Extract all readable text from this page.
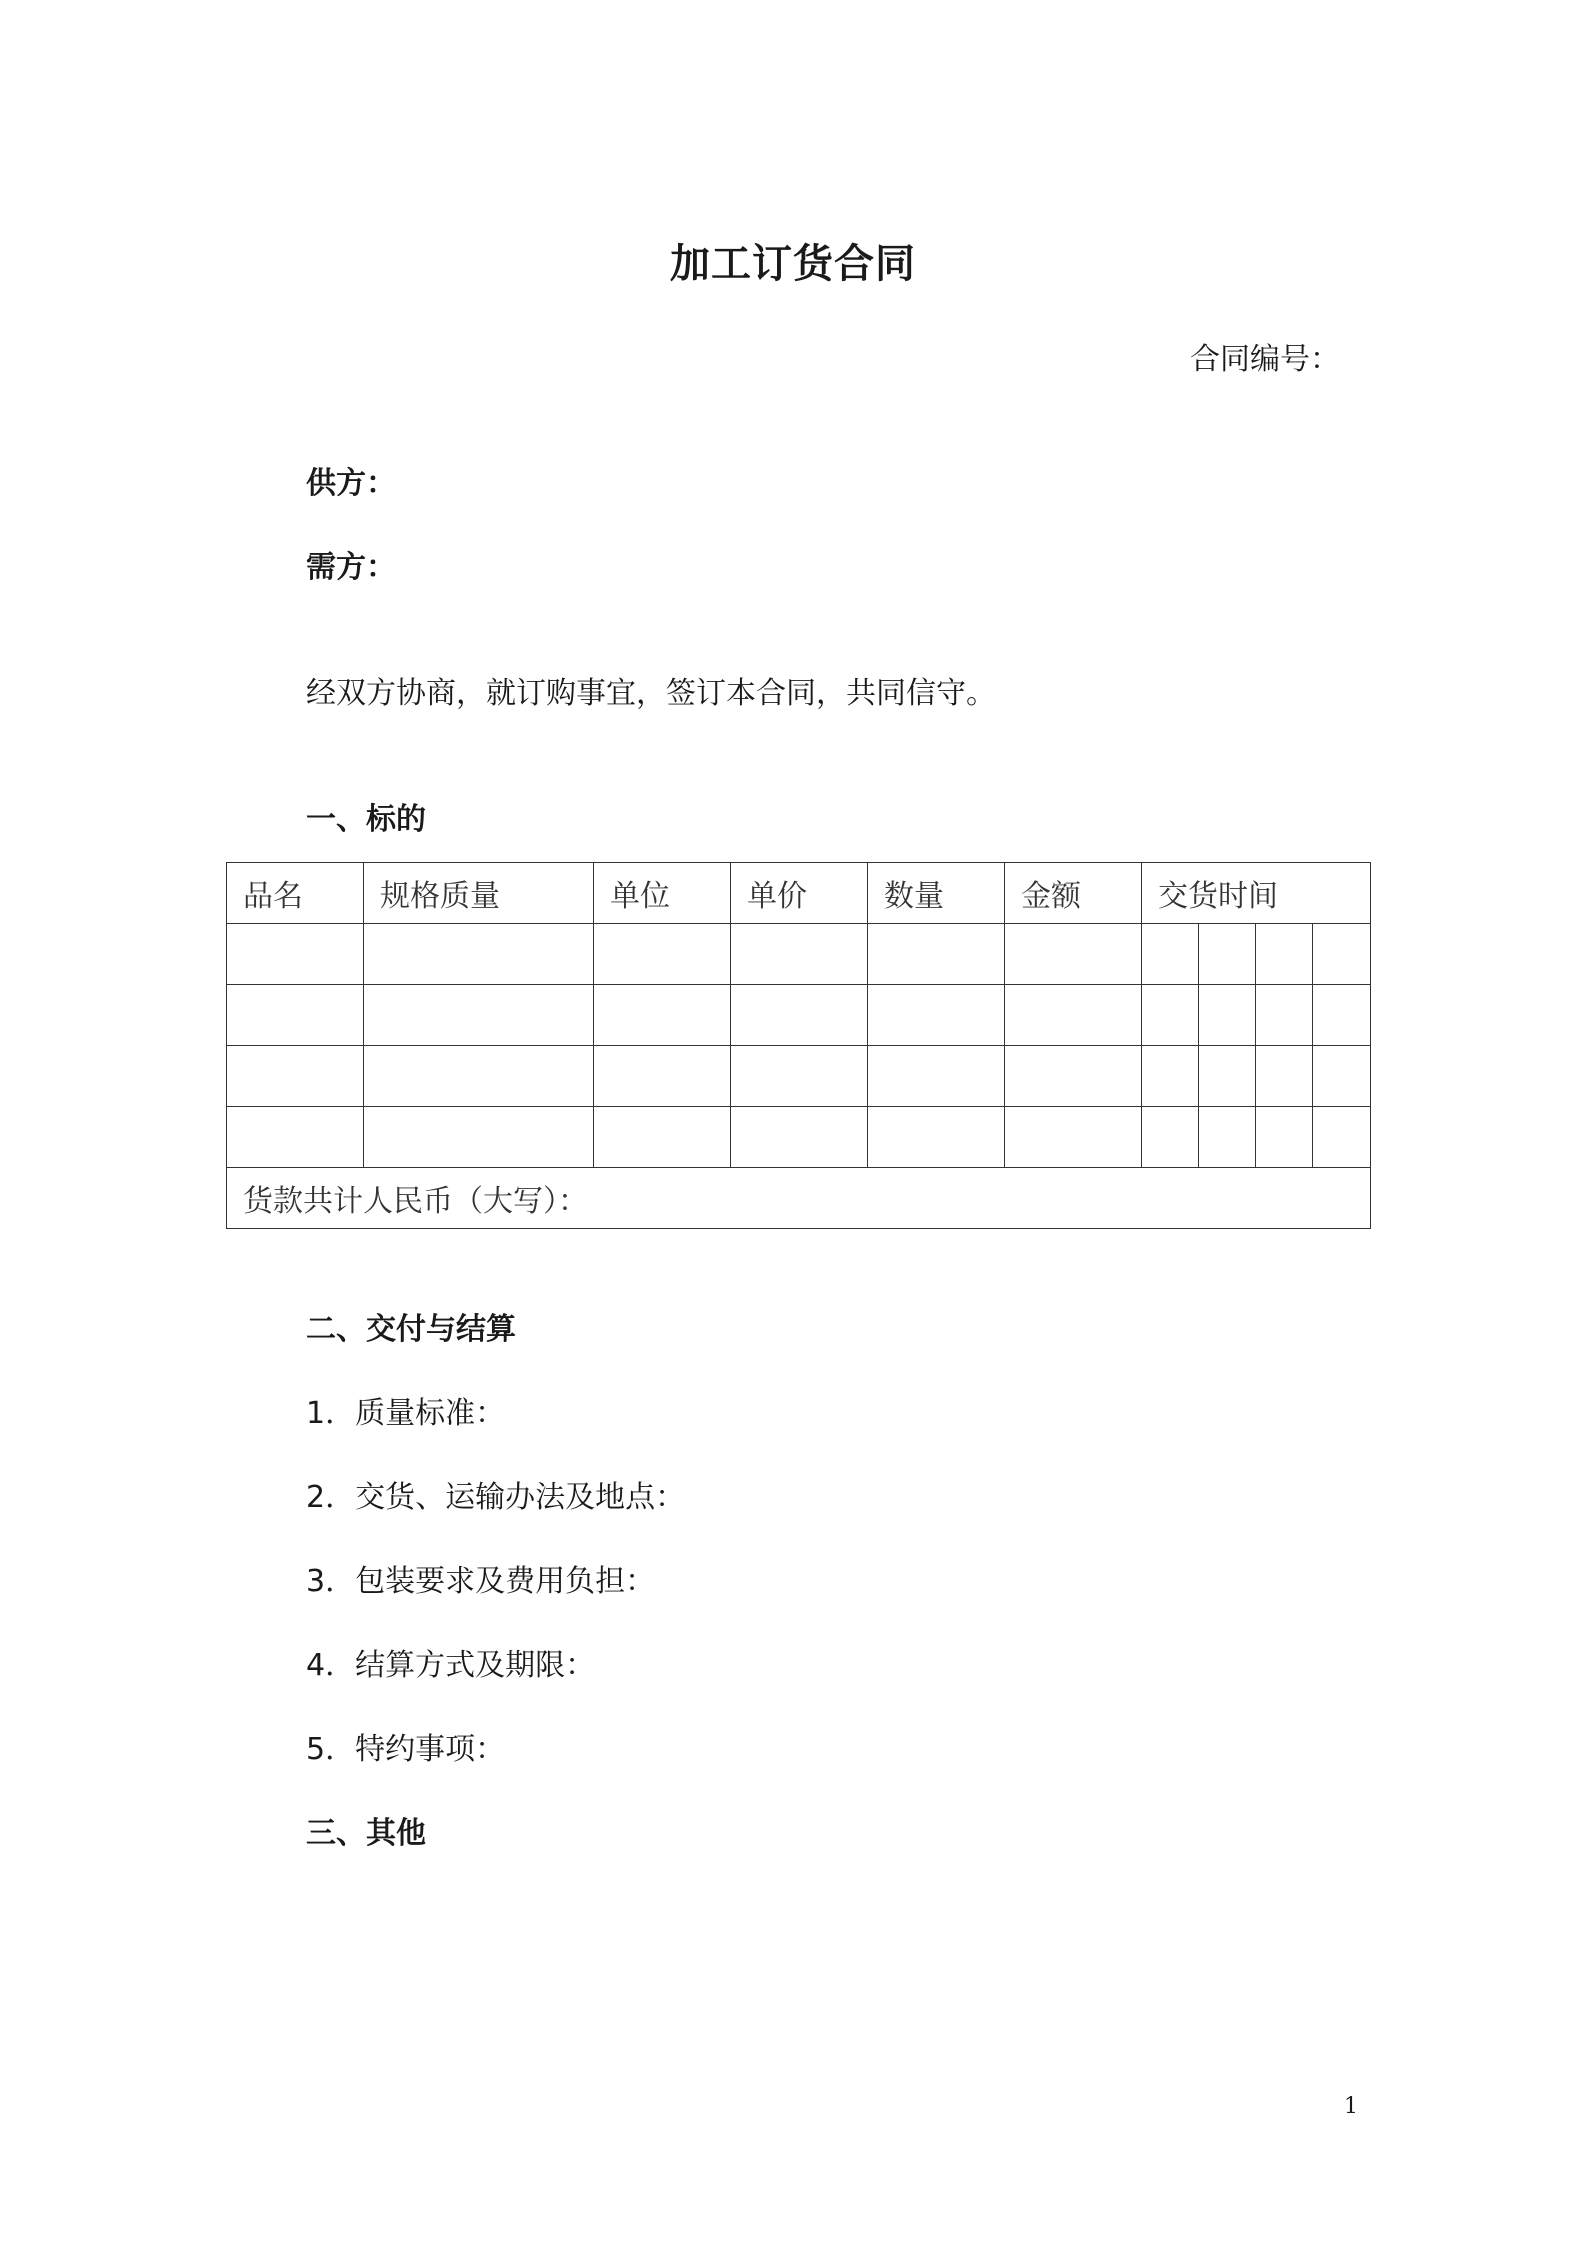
加工订货合同
合同编号：
供方：
需方：
经双方协商，就订购事宜，签订本合同，共同信守。
一、标的
品名	规格质量	单位	单价	数量	金额	交货时间			

货款共计人民币（大写）：									
二、交付与结算
1．质量标准：
2．交货、运输办法及地点：
3．包装要求及费用负担：
4．结算方式及期限：
5．特约事项：
三、其他
1
